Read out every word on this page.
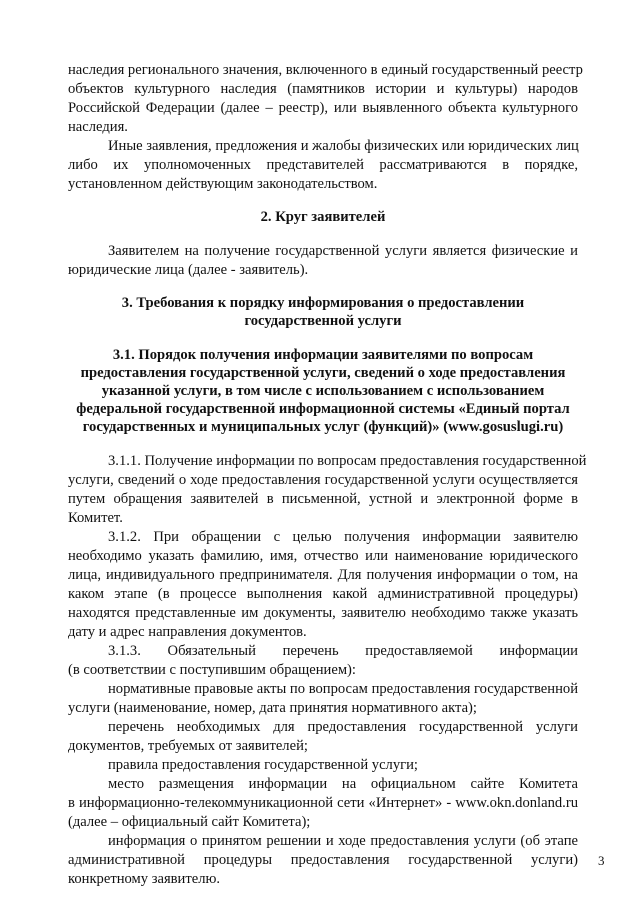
наследия регионального значения, включенного в единый государственный реестр
объектов культурного наследия (памятников истории и культуры) народов
Российской Федерации (далее – реестр), или выявленного объекта культурного
наследия.
Иные заявления, предложения и жалобы физических или юридических лиц
либо их уполномоченных представителей рассматриваются в порядке,
установленном действующим законодательством.
2. Круг заявителей
Заявителем на получение государственной услуги является физические и
юридические лица (далее - заявитель).
3. Требования к порядку информирования о предоставлении
государственной услуги
3.1. Порядок получения информации заявителями по вопросам
предоставления государственной услуги, сведений о ходе предоставления
указанной услуги, в том числе с использованием с использованием
федеральной государственной информационной системы «Единый портал
государственных и муниципальных услуг (функций)» (www.gosuslugi.ru)
3.1.1. Получение информации по вопросам предоставления государственной
услуги, сведений о ходе предоставления государственной услуги осуществляется
путем обращения заявителей в письменной, устной и электронной форме в
Комитет.
3.1.2. При обращении с целью получения информации заявителю
необходимо указать фамилию, имя, отчество или наименование юридического
лица, индивидуального предпринимателя. Для получения информации о том, на
каком этапе (в процессе выполнения какой административной процедуры)
находятся представленные им документы, заявителю необходимо также указать
дату и адрес направления документов.
3.1.3. Обязательный перечень предоставляемой информации
(в соответствии с поступившим обращением):
нормативные правовые акты по вопросам предоставления государственной
услуги (наименование, номер, дата принятия нормативного акта);
перечень необходимых для предоставления государственной услуги
документов, требуемых от заявителей;
правила предоставления государственной услуги;
место размещения информации на официальном сайте Комитета
в информационно-телекоммуникационной сети «Интернет» - www.okn.donland.ru
(далее – официальный сайт Комитета);
информация о принятом решении и ходе предоставления услуги (об этапе
административной процедуры предоставления государственной услуги)
конкретному заявителю.
3
